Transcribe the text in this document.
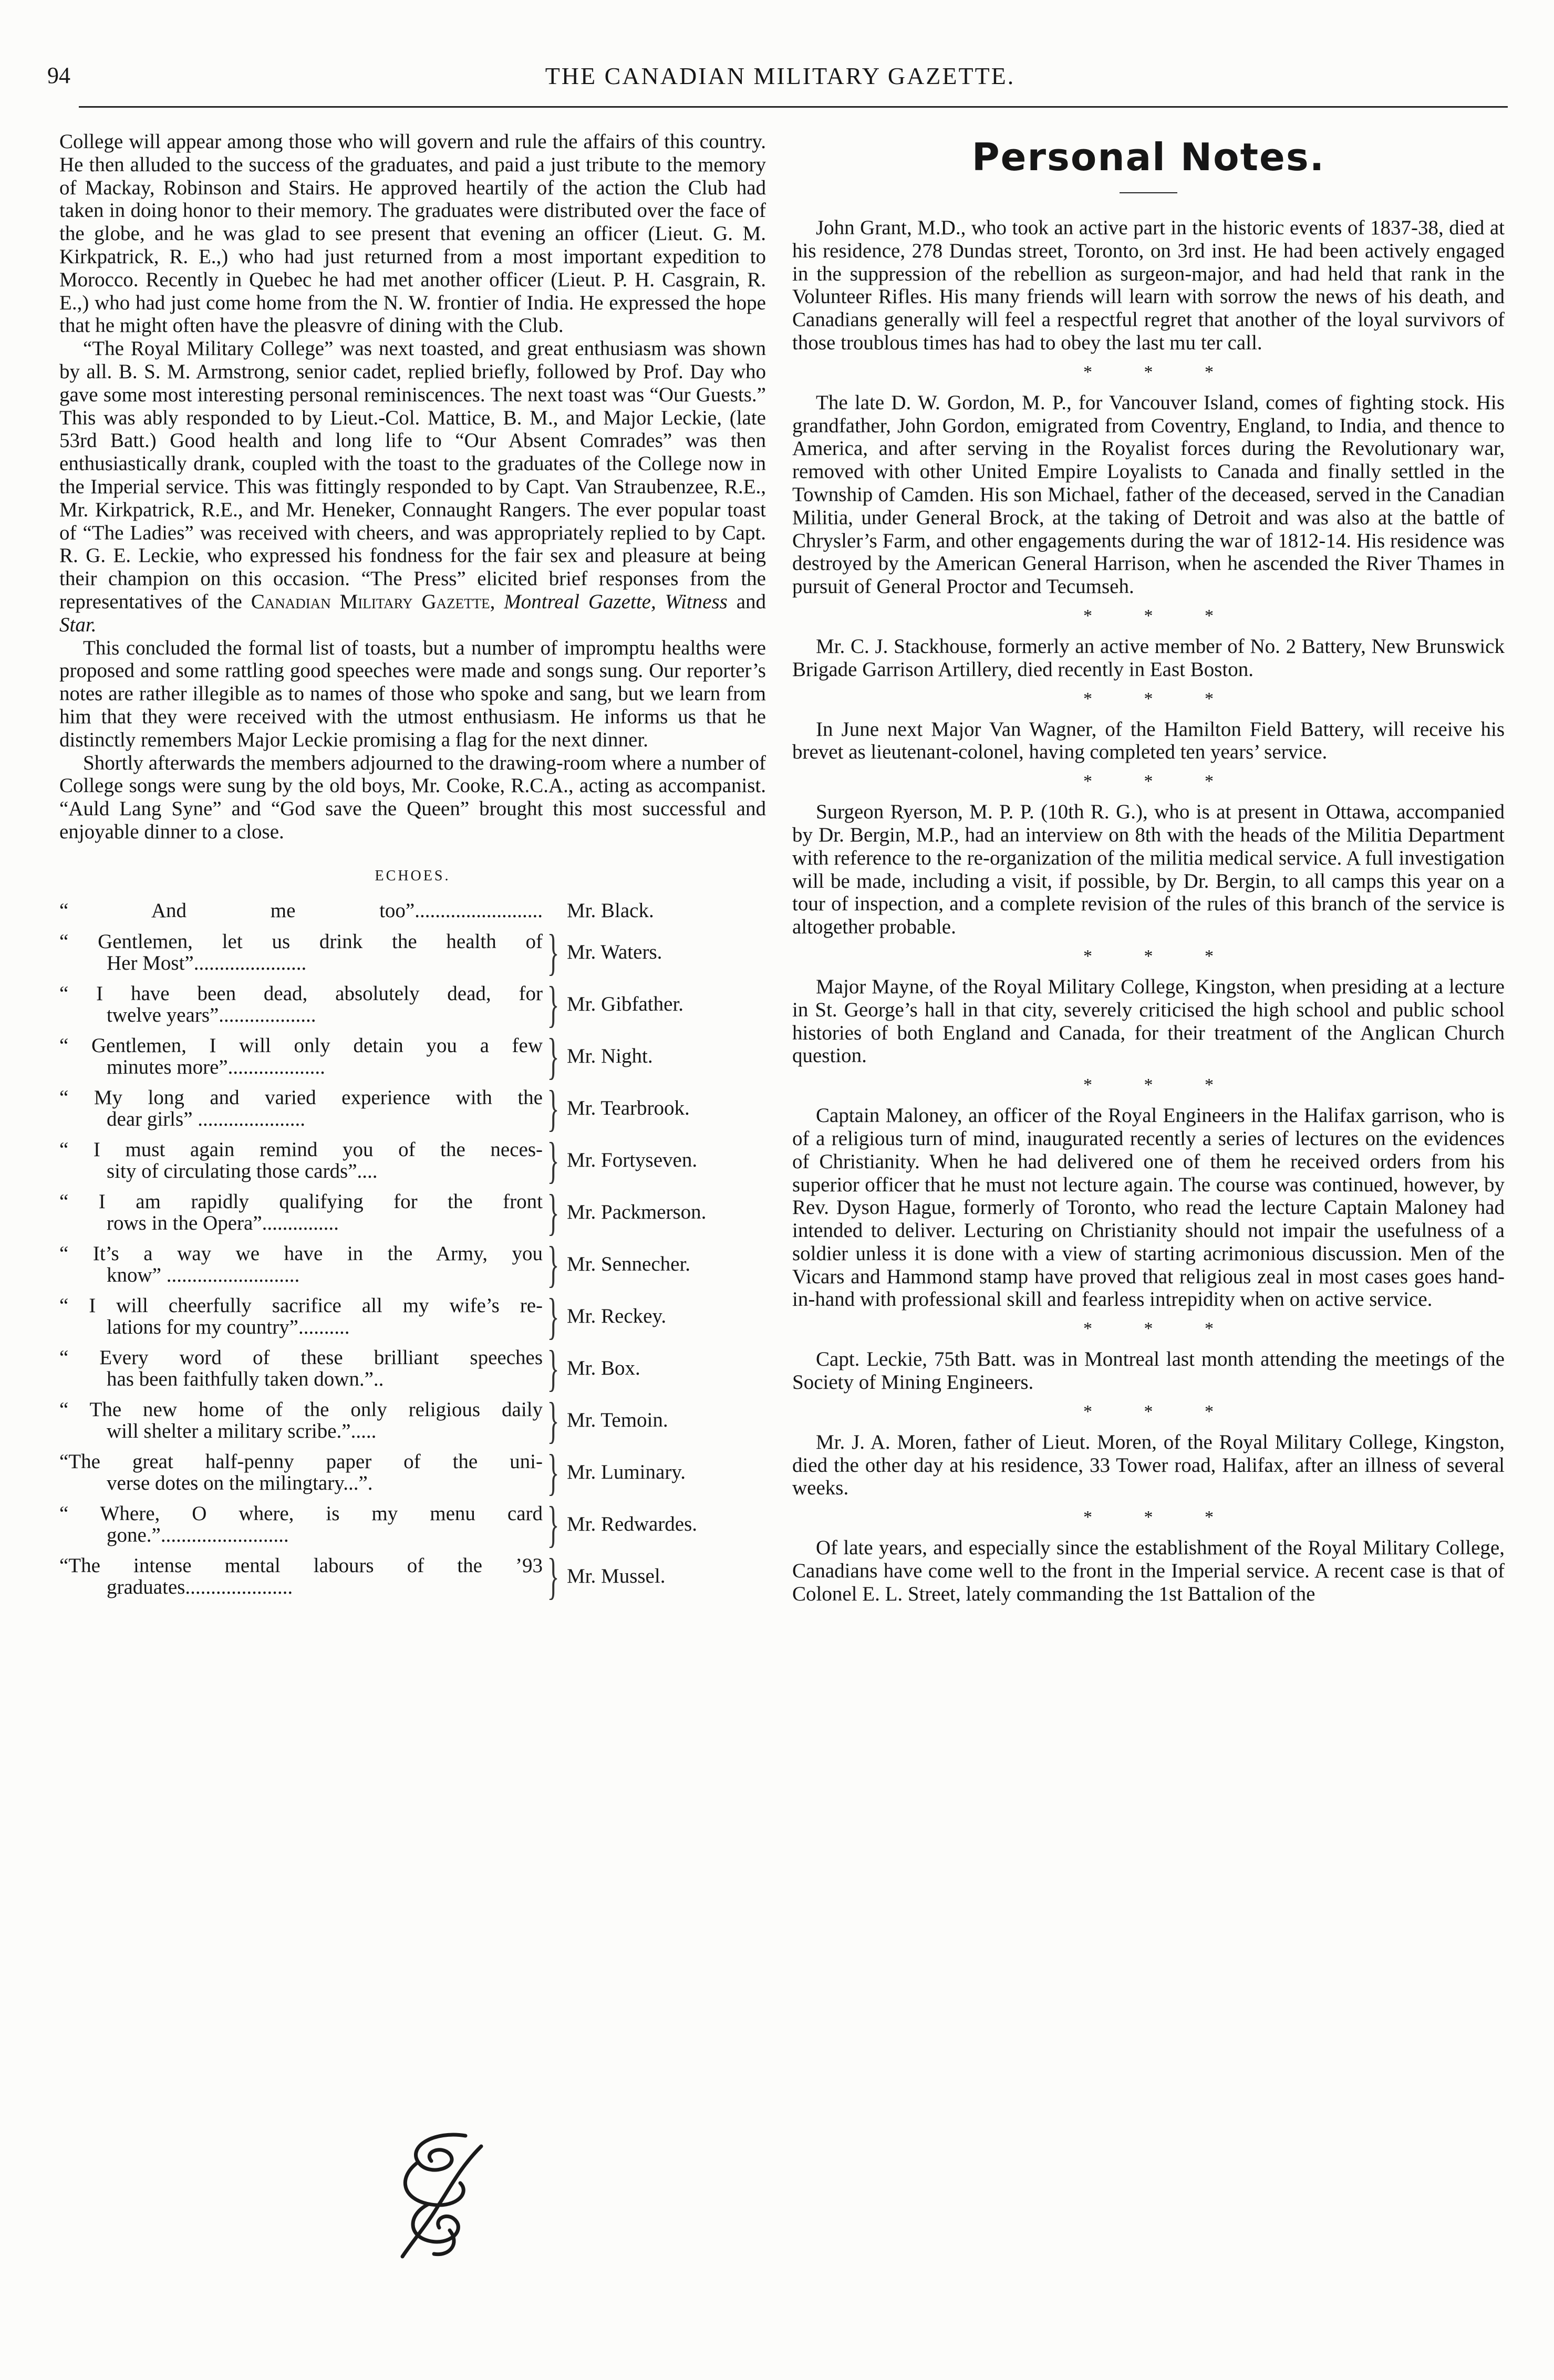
94	THE CANADIAN MILITARY GAZETTE.

College will appear among those who will govern and rule the affairs of this country. He then alluded to the success of the graduates, and paid a just tribute to the memory of Mackay, Robinson and Stairs. He approved heartily of the action the Club had taken in doing honor to their memory. The graduates were distributed over the face of the globe, and he was glad to see present that evening an officer (Lieut. G. M. Kirkpatrick, R. E.,) who had just returned from a most important expedition to Morocco. Recently in Quebec he had met another officer (Lieut. P. H. Casgrain, R. E.,) who had just come home from the N. W. frontier of India. He expressed the hope that he might often have the pleasvre of dining with the Club.

“The Royal Military College” was next toasted, and great enthusiasm was shown by all. B. S. M. Armstrong, senior cadet, replied briefly, followed by Prof. Day who gave some most interesting personal reminiscences. The next toast was “Our Guests.” This was ably responded to by Lieut.-Col. Mattice, B. M., and Major Leckie, (late 53rd Batt.) Good health and long life to “Our Absent Comrades” was then enthusiastically drank, coupled with the toast to the graduates of the College now in the Imperial service. This was fittingly responded to by Capt. Van Straubenzee, R.E., Mr. Kirkpatrick, R.E., and Mr. Heneker, Connaught Rangers. The ever popular toast of “The Ladies” was received with cheers, and was appropriately replied to by Capt. R. G. E. Leckie, who expressed his fondness for the fair sex and pleasure at being their champion on this occasion. “The Press” elicited brief responses from the representatives of the Canadian Military Gazette, Montreal Gazette, Witness and Star.

This concluded the formal list of toasts, but a number of impromptu healths were proposed and some rattling good speeches were made and songs sung. Our reporter’s notes are rather illegible as to names of those who spoke and sang, but we learn from him that they were received with the utmost enthusiasm. He informs us that he distinctly remembers Major Leckie promising a flag for the next dinner.

Shortly afterwards the members adjourned to the drawing-room where a number of College songs were sung by the old boys, Mr. Cooke, R.C.A., acting as accompanist. “Auld Lang Syne” and “God save the Queen” brought this most successful and enjoyable dinner to a close.

ECHOES.
“ And me too”.........................	Mr. Black.
“ Gentlemen, let us drink the health of
Her Most”......................	} Mr. Waters.
“ I have been dead, absolutely dead, for
twelve years”...................	} Mr. Gibfather.
“ Gentlemen, I will only detain you a few
minutes more”...................	} Mr. Night.
“ My long and varied experience with the
dear girls” .....................	} Mr. Tearbrook.
“ I must again remind you of the neces-
sity of circulating those cards”....	} Mr. Fortyseven.
“ I am rapidly qualifying for the front
rows in the Opera”...............	} Mr. Packmerson.
“ It’s a way we have in the Army, you
know” ..........................	} Mr. Sennecher.
“ I will cheerfully sacrifice all my wife’s re-
lations for my country”..........	} Mr. Reckey.
“ Every word of these brilliant speeches
has been faithfully taken down.”..	} Mr. Box.
“ The new home of the only religious daily
will shelter a military scribe.”.....	} Mr. Temoin.
“The great half-penny paper of the uni-
verse dotes on the milingtary...”.	} Mr. Luminary.
“ Where, O where, is my menu card
gone.”.........................	} Mr. Redwardes.
“The intense mental labours of the ’93
graduates.....................	} Mr. Mussel.
Personal Notes.

John Grant, M.D., who took an active part in the historic events of 1837-38, died at his residence, 278 Dundas street, Toronto, on 3rd inst. He had been actively engaged in the suppression of the rebellion as surgeon-major, and had held that rank in the Volunteer Rifles. His many friends will learn with sorrow the news of his death, and Canadians generally will feel a respectful regret that another of the loyal survivors of those troublous times has had to obey the last mu ter call.

* * *

The late D. W. Gordon, M. P., for Vancouver Island, comes of fighting stock. His grandfather, John Gordon, emigrated from Coventry, England, to India, and thence to America, and after serving in the Royalist forces during the Revolutionary war, removed with other United Empire Loyalists to Canada and finally settled in the Township of Camden. His son Michael, father of the deceased, served in the Canadian Militia, under General Brock, at the taking of Detroit and was also at the battle of Chrysler’s Farm, and other engagements during the war of 1812-14. His residence was destroyed by the American General Harrison, when he ascended the River Thames in pursuit of General Proctor and Tecumseh.

* * *

Mr. C. J. Stackhouse, formerly an active member of No. 2 Battery, New Brunswick Brigade Garrison Artillery, died recently in East Boston.

* * *

In June next Major Van Wagner, of the Hamilton Field Battery, will receive his brevet as lieutenant-colonel, having completed ten years’ service.

* * *

Surgeon Ryerson, M. P. P. (10th R. G.), who is at present in Ottawa, accompanied by Dr. Bergin, M.P., had an interview on 8th with the heads of the Militia Department with reference to the re-organization of the militia medical service. A full investigation will be made, including a visit, if possible, by Dr. Bergin, to all camps this year on a tour of inspection, and a complete revision of the rules of this branch of the service is altogether probable.

* * *

Major Mayne, of the Royal Military College, Kingston, when presiding at a lecture in St. George’s hall in that city, severely criticised the high school and public school histories of both England and Canada, for their treatment of the Anglican Church question.

* * *

Captain Maloney, an officer of the Royal Engineers in the Halifax garrison, who is of a religious turn of mind, inaugurated recently a series of lectures on the evidences of Christianity. When he had delivered one of them he received orders from his superior officer that he must not lecture again. The course was continued, however, by Rev. Dyson Hague, formerly of Toronto, who read the lecture Captain Maloney had intended to deliver. Lecturing on Christianity should not impair the usefulness of a soldier unless it is done with a view of starting acrimonious discussion. Men of the Vicars and Hammond stamp have proved that religious zeal in most cases goes hand-in-hand with professional skill and fearless intrepidity when on active service.

* * *

Capt. Leckie, 75th Batt. was in Montreal last month attending the meetings of the Society of Mining Engineers.

* * *

Mr. J. A. Moren, father of Lieut. Moren, of the Royal Military College, Kingston, died the other day at his residence, 33 Tower road, Halifax, after an illness of several weeks.

* * *

Of late years, and especially since the establishment of the Royal Military College, Canadians have come well to the front in the Imperial service. A recent case is that of Colonel E. L. Street, lately commanding the 1st Battalion of the
